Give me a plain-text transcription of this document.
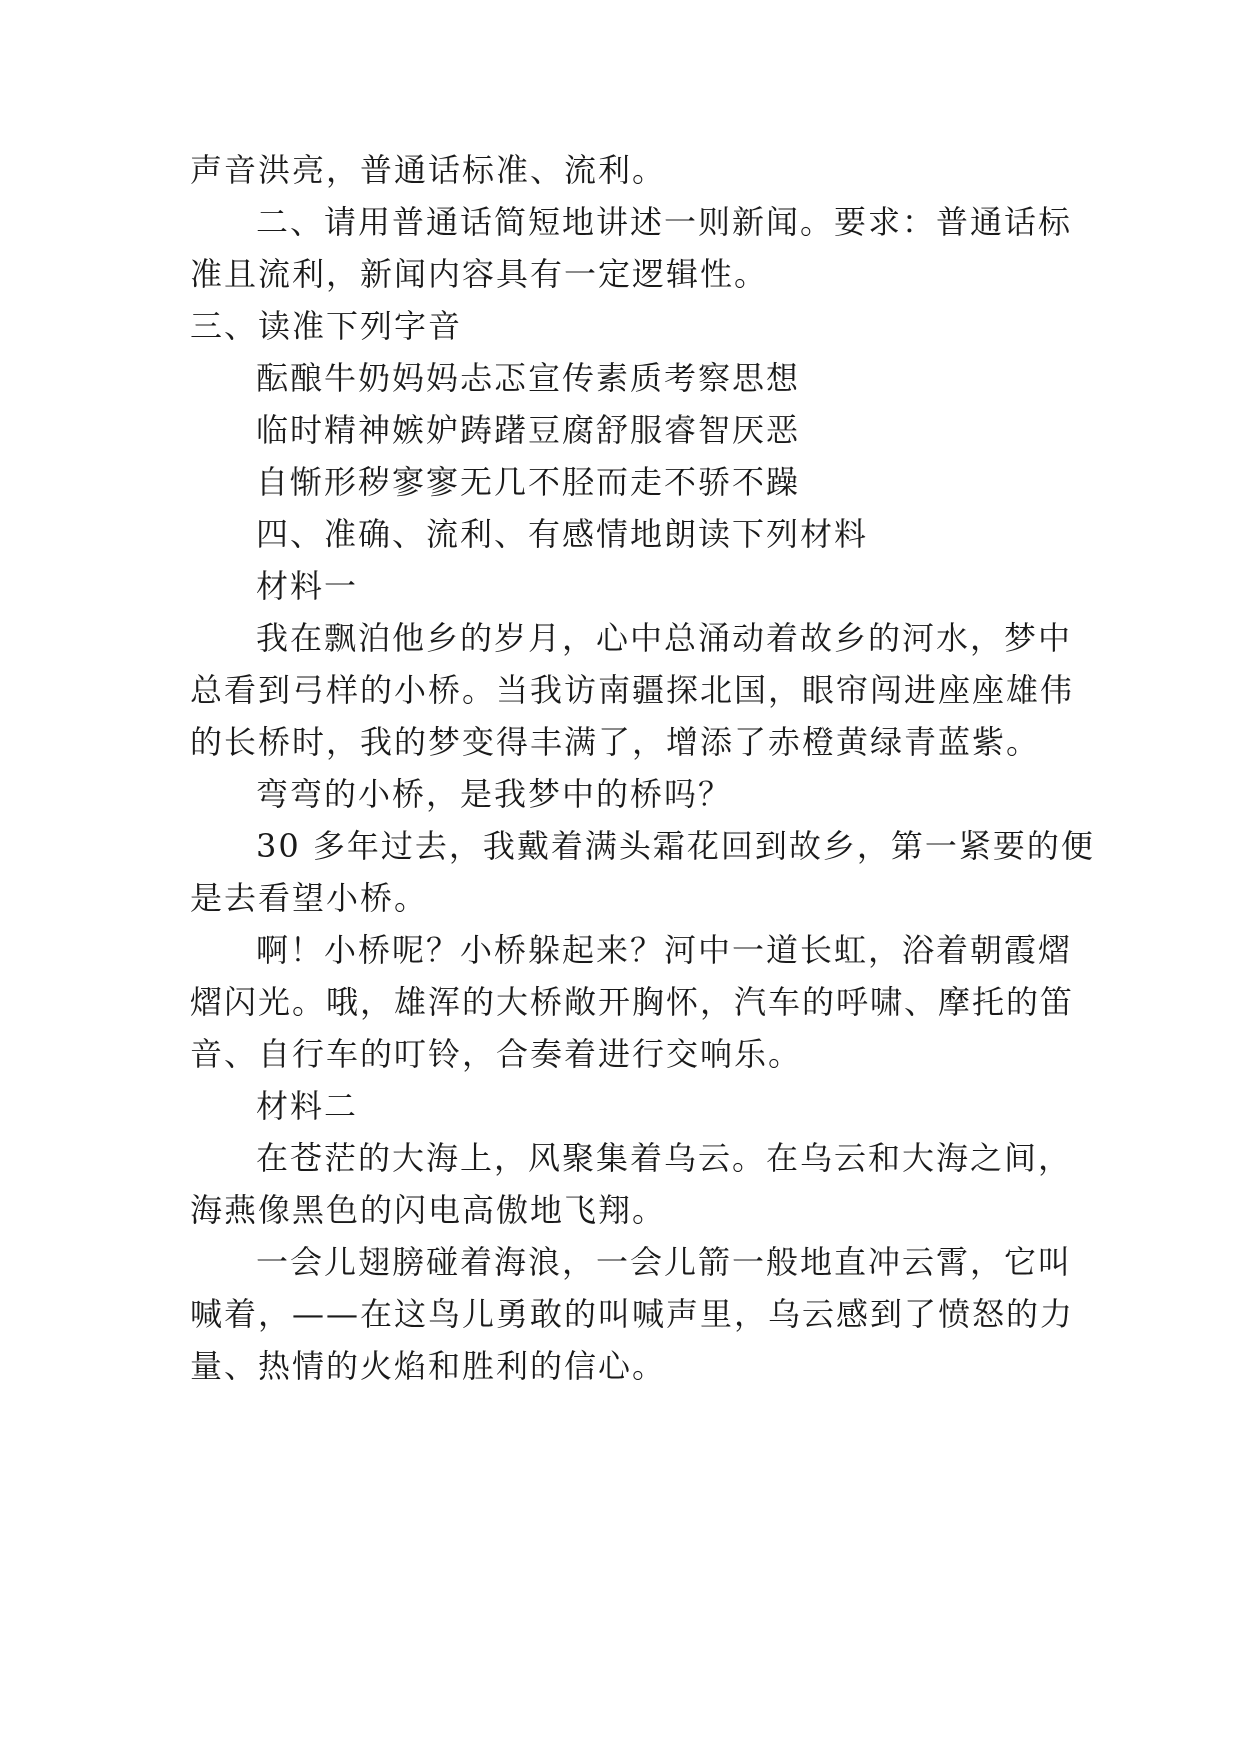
声音洪亮，普通话标准、流利。
二、请用普通话简短地讲述一则新闻。要求：普通话标
准且流利，新闻内容具有一定逻辑性。
三、读准下列字音
酝酿牛奶妈妈忐忑宣传素质考察思想
临时精神嫉妒踌躇豆腐舒服睿智厌恶
自惭形秽寥寥无几不胫而走不骄不躁
四、准确、流利、有感情地朗读下列材料
材料一
我在飘泊他乡的岁月，心中总涌动着故乡的河水，梦中
总看到弓样的小桥。当我访南疆探北国，眼帘闯进座座雄伟
的长桥时，我的梦变得丰满了，增添了赤橙黄绿青蓝紫。
弯弯的小桥，是我梦中的桥吗？
30 多年过去，我戴着满头霜花回到故乡，第一紧要的便
是去看望小桥。
啊！小桥呢？小桥躲起来？河中一道长虹，浴着朝霞熠
熠闪光。哦，雄浑的大桥敞开胸怀，汽车的呼啸、摩托的笛
音、自行车的叮铃，合奏着进行交响乐。
材料二
在苍茫的大海上，风聚集着乌云。在乌云和大海之间，
海燕像黑色的闪电高傲地飞翔。
一会儿翅膀碰着海浪，一会儿箭一般地直冲云霄，它叫
喊着，——在这鸟儿勇敢的叫喊声里，乌云感到了愤怒的力
量、热情的火焰和胜利的信心。
